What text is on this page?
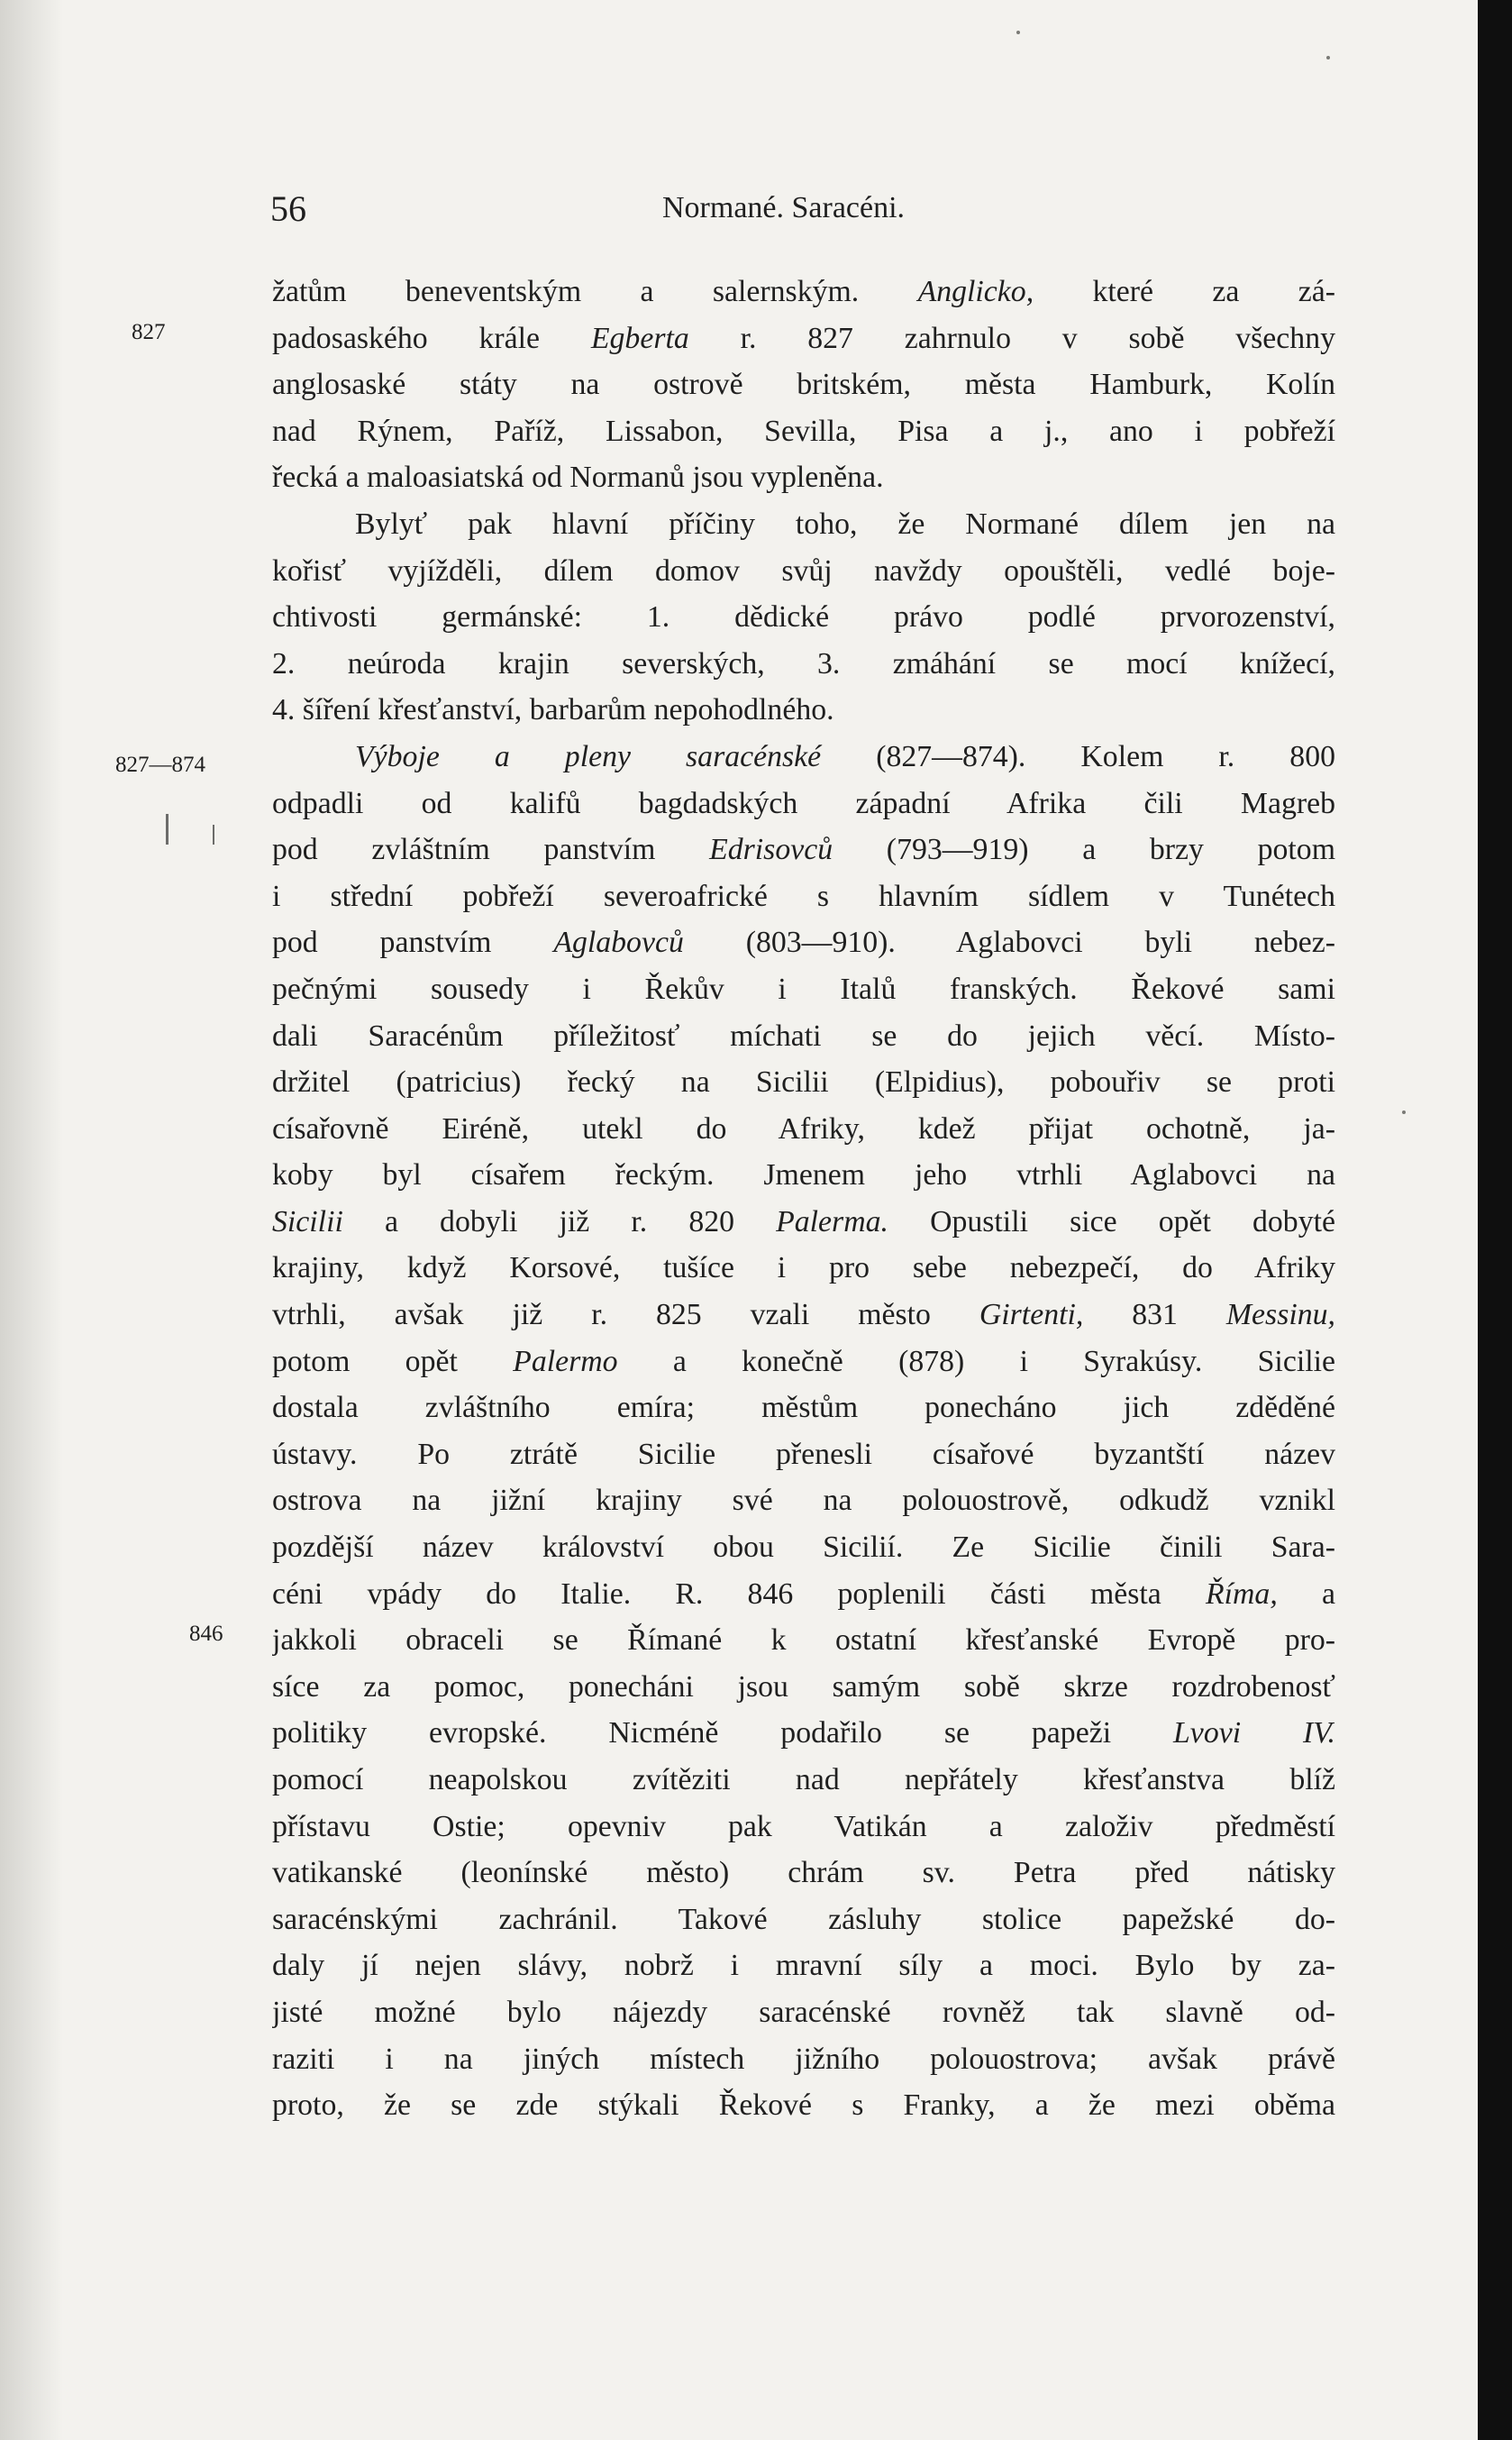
56	Normané. Saracéni.
827
827—874
846
žatům beneventským a salernským. Anglicko, které za zá-
padosaského krále Egberta r. 827 zahrnulo v sobě všechny
anglosaské státy na ostrově britském, města Hamburk, Kolín
nad Rýnem, Paříž, Lissabon, Sevilla, Pisa a j., ano i pobřeží
řecká a maloasiatská od Normanů jsou vypleněna.
Bylyť pak hlavní příčiny toho, že Normané dílem jen na
kořisť vyjížděli, dílem domov svůj navždy opouštěli, vedlé boje-
chtivosti germánské: 1. dědické právo podlé prvorozenství,
2. neúroda krajin severských, 3. zmáhání se mocí knížecí,
4. šíření křesťanství, barbarům nepohodlného.
Výboje a pleny saracénské (827—874). Kolem r. 800
odpadli od kalifů bagdadských západní Afrika čili Magreb
pod zvláštním panstvím Edrisovců (793—919) a brzy potom
i střední pobřeží severoafrické s hlavním sídlem v Tunétech
pod panstvím Aglabovců (803—910). Aglabovci byli nebez-
pečnými sousedy i Řekův i Italů franských. Řekové sami
dali Saracénům příležitosť míchati se do jejich věcí. Místo-
držitel (patricius) řecký na Sicilii (Elpidius), pobouřiv se proti
císařovně Eiréně, utekl do Afriky, kdež přijat ochotně, ja-
koby byl císařem řeckým. Jmenem jeho vtrhli Aglabovci na
Sicilii a dobyli již r. 820 Palerma. Opustili sice opět dobyté
krajiny, když Korsové, tušíce i pro sebe nebezpečí, do Afriky
vtrhli, avšak již r. 825 vzali město Girtenti, 831 Messinu,
potom opět Palermo a konečně (878) i Syrakúsy. Sicilie
dostala zvláštního emíra; městům ponecháno jich zděděné
ústavy. Po ztrátě Sicilie přenesli císařové byzantští název
ostrova na jižní krajiny své na polouostrově, odkudž vznikl
pozdější název království obou Sicilií. Ze Sicilie činili Sara-
céni vpády do Italie. R. 846 poplenili části města Říma, a
jakkoli obraceli se Římané k ostatní křesťanské Evropě pro-
síce za pomoc, ponecháni jsou samým sobě skrze rozdrobenosť
politiky evropské. Nicméně podařilo se papeži Lvovi IV.
pomocí neapolskou zvítěziti nad nepřátely křesťanstva blíž
přístavu Ostie; opevniv pak Vatikán a založiv předměstí
vatikanské (leonínské město) chrám sv. Petra před nátisky
saracénskými zachránil. Takové zásluhy stolice papežské do-
daly jí nejen slávy, nobrž i mravní síly a moci. Bylo by za-
jisté možné bylo nájezdy saracénské rovněž tak slavně od-
raziti i na jiných místech jižního polouostrova; avšak právě
proto, že se zde stýkali Řekové s Franky, a že mezi oběma
